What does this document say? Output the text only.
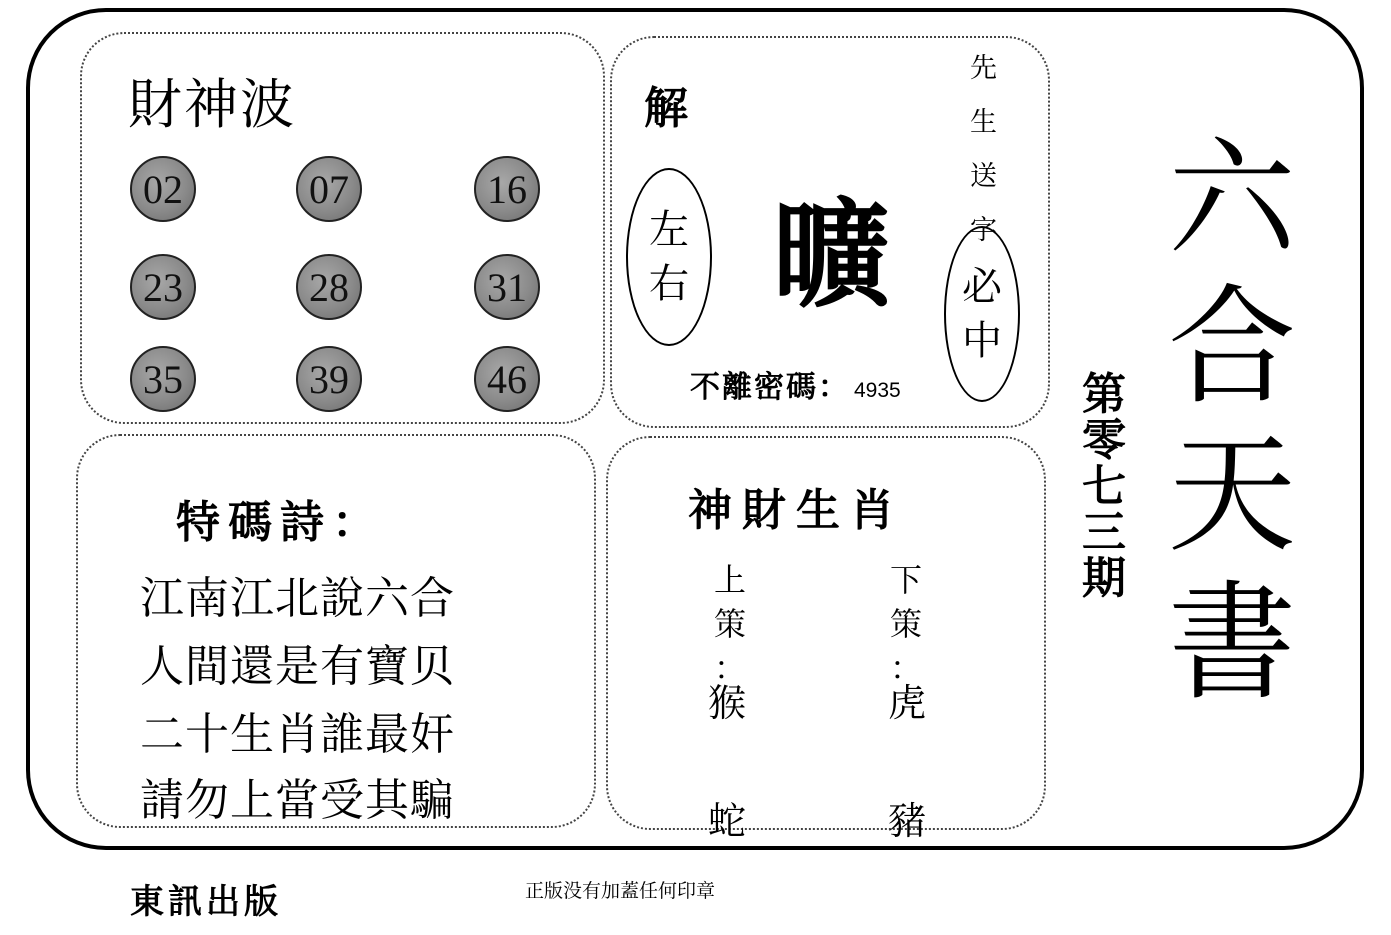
財神波
02	07	16
23	28	31
35	39	46
解
左
右 曠
先
生
送
字
必
中
不離密碼： 4935
特碼詩：
江南江北說六合
人間還是有寶贝
二十生肖誰最奸
請勿上當受其騙
神財生肖
上
策
：
下
策
：
猴
蛇
虎
豬
第
零
七
三
期
六
合
天
書
東訊出版	正版没有加蓋任何印章
